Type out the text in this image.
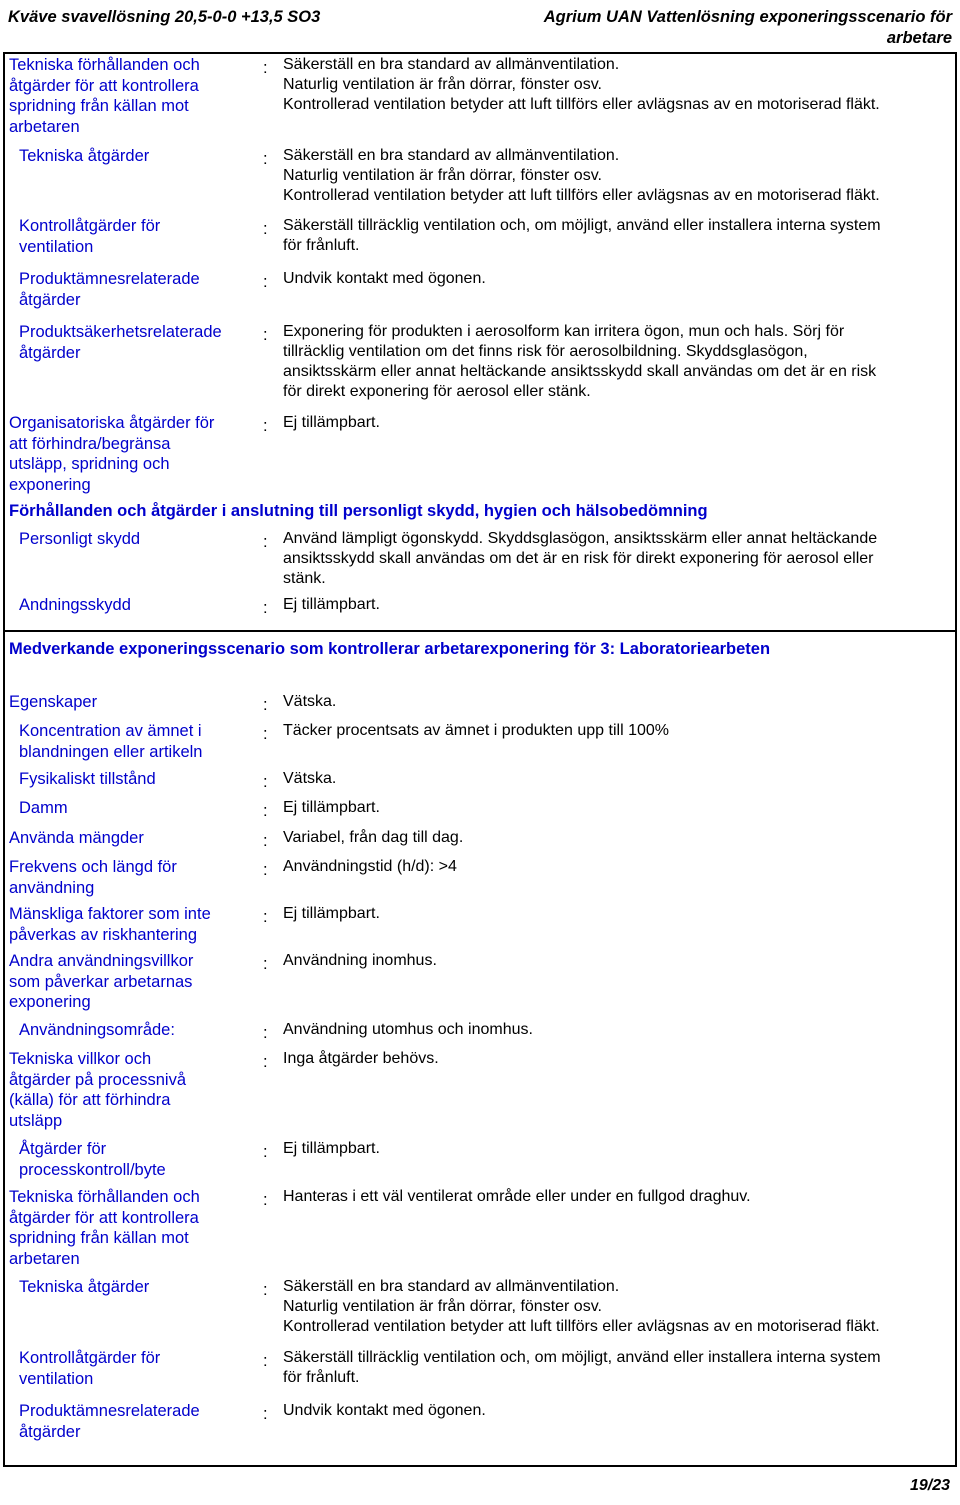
Kväve svavellösning 20,5-0-0 +13,5 SO3	Agrium UAN Vattenlösning exponeringsscenario för
arbetare
Tekniska förhållanden och
åtgärder för att kontrollera
spridning från källan mot
arbetaren
: Säkerställ en bra standard av allmänventilation.
Naturlig ventilation är från dörrar, fönster osv.
Kontrollerad ventilation betyder att luft tillförs eller avlägsnas av en motoriserad fläkt.
Tekniska åtgärder	: Säkerställ en bra standard av allmänventilation.
Naturlig ventilation är från dörrar, fönster osv.
Kontrollerad ventilation betyder att luft tillförs eller avlägsnas av en motoriserad fläkt.
Kontrollåtgärder för
ventilation
: Säkerställ tillräcklig ventilation och, om möjligt, använd eller installera interna system
för frånluft.
Produktämnesrelaterade
åtgärder
: Undvik kontakt med ögonen.
Produktsäkerhetsrelaterade
åtgärder
: Exponering för produkten i aerosolform kan irritera ögon, mun och hals. Sörj för
tillräcklig ventilation om det finns risk för aerosolbildning. Skyddsglasögon,
ansiktsskärm eller annat heltäckande ansiktsskydd skall användas om det är en risk
för direkt exponering för aerosol eller stänk.
Organisatoriska åtgärder för
att förhindra/begränsa
utsläpp, spridning och
exponering
: Ej tillämpbart.
Förhållanden och åtgärder i anslutning till personligt skydd, hygien och hälsobedömning
Personligt skydd	: Använd lämpligt ögonskydd. Skyddsglasögon, ansiktsskärm eller annat heltäckande
ansiktsskydd skall användas om det är en risk för direkt exponering för aerosol eller
stänk.
Andningsskydd	: Ej tillämpbart.
Medverkande exponeringsscenario som kontrollerar arbetarexponering för 3: Laboratoriearbeten
Egenskaper	: Vätska.
Koncentration av ämnet i
blandningen eller artikeln
: Täcker procentsats av ämnet i produkten upp till 100%
Fysikaliskt tillstånd	: Vätska.
Damm	: Ej tillämpbart.
Använda mängder	: Variabel, från dag till dag.
Frekvens och längd för
användning
: Användningstid (h/d): >4
Mänskliga faktorer som inte
påverkas av riskhantering
: Ej tillämpbart.
Andra användningsvillkor
som påverkar arbetarnas
exponering
: Användning inomhus.
Användningsområde:	: Användning utomhus och inomhus.
Tekniska villkor och
åtgärder på processnivå
(källa) för att förhindra
utsläpp
: Inga åtgärder behövs.
Åtgärder för
processkontroll/byte
: Ej tillämpbart.
Tekniska förhållanden och
åtgärder för att kontrollera
spridning från källan mot
arbetaren
: Hanteras i ett väl ventilerat område eller under en fullgod draghuv.
Tekniska åtgärder	: Säkerställ en bra standard av allmänventilation.
Naturlig ventilation är från dörrar, fönster osv.
Kontrollerad ventilation betyder att luft tillförs eller avlägsnas av en motoriserad fläkt.
Kontrollåtgärder för
ventilation
: Säkerställ tillräcklig ventilation och, om möjligt, använd eller installera interna system
för frånluft.
Produktämnesrelaterade
åtgärder
: Undvik kontakt med ögonen.
19/23
